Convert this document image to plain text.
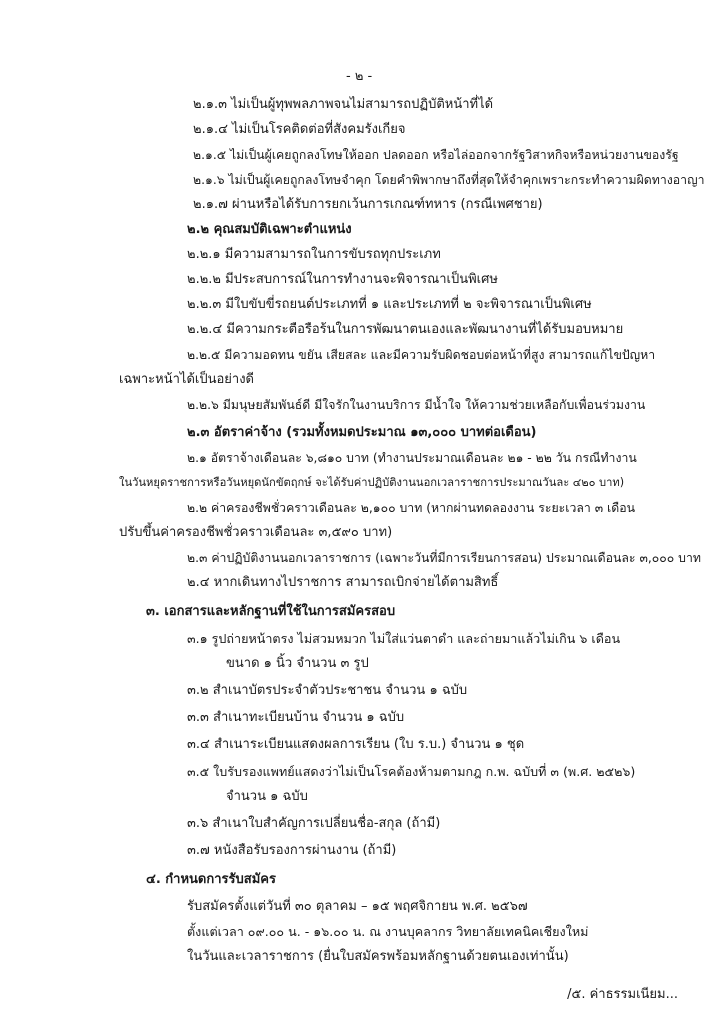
- ๒ -
๒.๑.๓ ไม่เป็นผู้ทุพพลภาพจนไม่สามารถปฏิบัติหน้าที่ได้
๒.๑.๔ ไม่เป็นโรคติดต่อที่สังคมรังเกียจ
๒.๑.๕ ไม่เป็นผู้เคยถูกลงโทษให้ออก ปลดออก หรือไล่ออกจากรัฐวิสาหกิจหรือหน่วยงานของรัฐ
๒.๑.๖ ไม่เป็นผู้เคยถูกลงโทษจำคุก โดยคำพิพากษาถึงที่สุดให้จำคุกเพราะกระทำความผิดทางอาญา
๒.๑.๗ ผ่านหรือได้รับการยกเว้นการเกณฑ์ทหาร (กรณีเพศชาย)
๒.๒ คุณสมบัติเฉพาะตำแหน่ง
๒.๒.๑ มีความสามารถในการขับรถทุกประเภท
๒.๒.๒ มีประสบการณ์ในการทำงานจะพิจารณาเป็นพิเศษ
๒.๒.๓ มีใบขับขี่รถยนต์ประเภทที่ ๑ และประเภทที่ ๒ จะพิจารณาเป็นพิเศษ
๒.๒.๔ มีความกระตือรือร้นในการพัฒนาตนเองและพัฒนางานที่ได้รับมอบหมาย
๒.๒.๕ มีความอดทน ขยัน เสียสละ และมีความรับผิดชอบต่อหน้าที่สูง สามารถแก้ไขปัญหา
เฉพาะหน้าได้เป็นอย่างดี
๒.๒.๖ มีมนุษยสัมพันธ์ดี มีใจรักในงานบริการ มีน้ำใจ ให้ความช่วยเหลือกับเพื่อนร่วมงาน
๒.๓ อัตราค่าจ้าง (รวมทั้งหมดประมาณ ๑๓,๐๐๐ บาทต่อเดือน)
๒.๑ อัตราจ้างเดือนละ ๖,๘๑๐ บาท (ทำงานประมาณเดือนละ ๒๑ - ๒๒ วัน กรณีทำงาน
ในวันหยุดราชการหรือวันหยุดนักขัตฤกษ์ จะได้รับค่าปฏิบัติงานนอกเวลาราชการประมาณวันละ ๔๒๐ บาท)
๒.๒ ค่าครองชีพชั่วคราวเดือนละ ๒,๑๐๐ บาท (หากผ่านทดลองงาน ระยะเวลา ๓ เดือน
ปรับขึ้นค่าครองชีพชั่วคราวเดือนละ ๓,๕๙๐ บาท)
๒.๓ ค่าปฏิบัติงานนอกเวลาราชการ (เฉพาะวันที่มีการเรียนการสอน) ประมาณเดือนละ ๓,๐๐๐ บาท
๒.๔ หากเดินทางไปราชการ สามารถเบิกจ่ายได้ตามสิทธิ์
๓. เอกสารและหลักฐานที่ใช้ในการสมัครสอบ
๓.๑ รูปถ่ายหน้าตรง ไม่สวมหมวก ไม่ใส่แว่นตาดำ และถ่ายมาแล้วไม่เกิน ๖ เดือน
ขนาด ๑ นิ้ว จำนวน ๓ รูป
๓.๒ สำเนาบัตรประจำตัวประชาชน จำนวน ๑ ฉบับ
๓.๓ สำเนาทะเบียนบ้าน จำนวน ๑ ฉบับ
๓.๔ สำเนาระเบียนแสดงผลการเรียน (ใบ ร.บ.) จำนวน ๑ ชุด
๓.๕ ใบรับรองแพทย์แสดงว่าไม่เป็นโรคต้องห้ามตามกฎ ก.พ. ฉบับที่ ๓ (พ.ศ. ๒๕๒๖)
จำนวน ๑ ฉบับ
๓.๖ สำเนาใบสำคัญการเปลี่ยนชื่อ-สกุล (ถ้ามี)
๓.๗ หนังสือรับรองการผ่านงาน (ถ้ามี)
๔. กำหนดการรับสมัคร
รับสมัครตั้งแต่วันที่ ๓๐ ตุลาคม – ๑๕ พฤศจิกายน พ.ศ. ๒๕๖๗
ตั้งแต่เวลา ๐๙.๐๐ น. - ๑๖.๐๐ น. ณ งานบุคลากร วิทยาลัยเทคนิคเชียงใหม่
ในวันและเวลาราชการ (ยื่นใบสมัครพร้อมหลักฐานด้วยตนเองเท่านั้น)
/๕. ค่าธรรมเนียม...
